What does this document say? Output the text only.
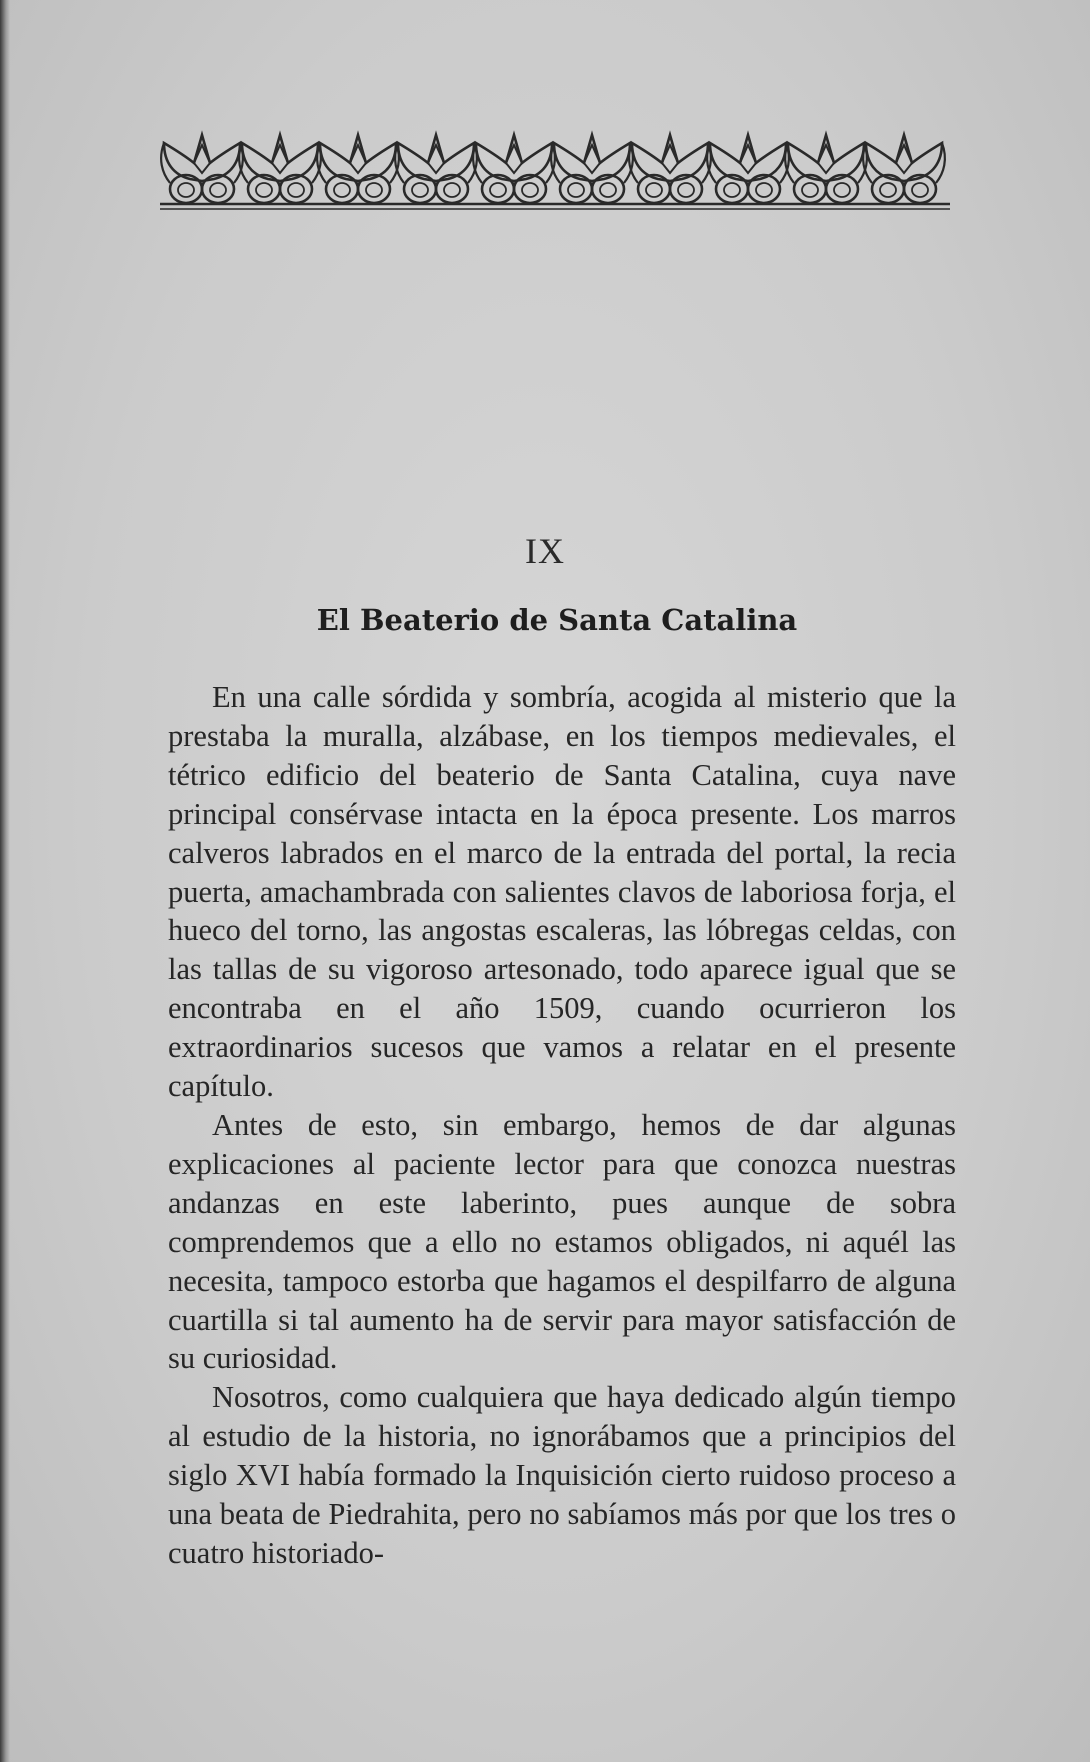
IX
El Beaterio de Santa Catalina

En una calle sórdida y sombría, acogida al misterio que la prestaba la muralla, alzábase, en los tiempos medievales, el tétrico edificio del beaterio de Santa Catalina, cuya nave principal consérvase intacta en la época presente. Los marros calveros labrados en el marco de la entrada del portal, la recia puerta, amachambrada con salientes clavos de laboriosa forja, el hueco del torno, las angostas escaleras, las lóbregas celdas, con las tallas de su vigoroso artesonado, todo aparece igual que se encontraba en el año 1509, cuando ocurrieron los extraordinarios sucesos que vamos a relatar en el presente capítulo.

Antes de esto, sin embargo, hemos de dar algunas explicaciones al paciente lector para que conozca nuestras andanzas en este laberinto, pues aunque de sobra comprendemos que a ello no estamos obligados, ni aquél las necesita, tampoco estorba que hagamos el despilfarro de alguna cuartilla si tal aumento ha de servir para mayor satisfacción de su curiosidad.

Nosotros, como cualquiera que haya dedicado algún tiempo al estudio de la historia, no ignorábamos que a principios del siglo XVI había formado la Inquisición cierto ruidoso proceso a una beata de Piedrahita, pero no sabíamos más por que los tres o cuatro historiado-
